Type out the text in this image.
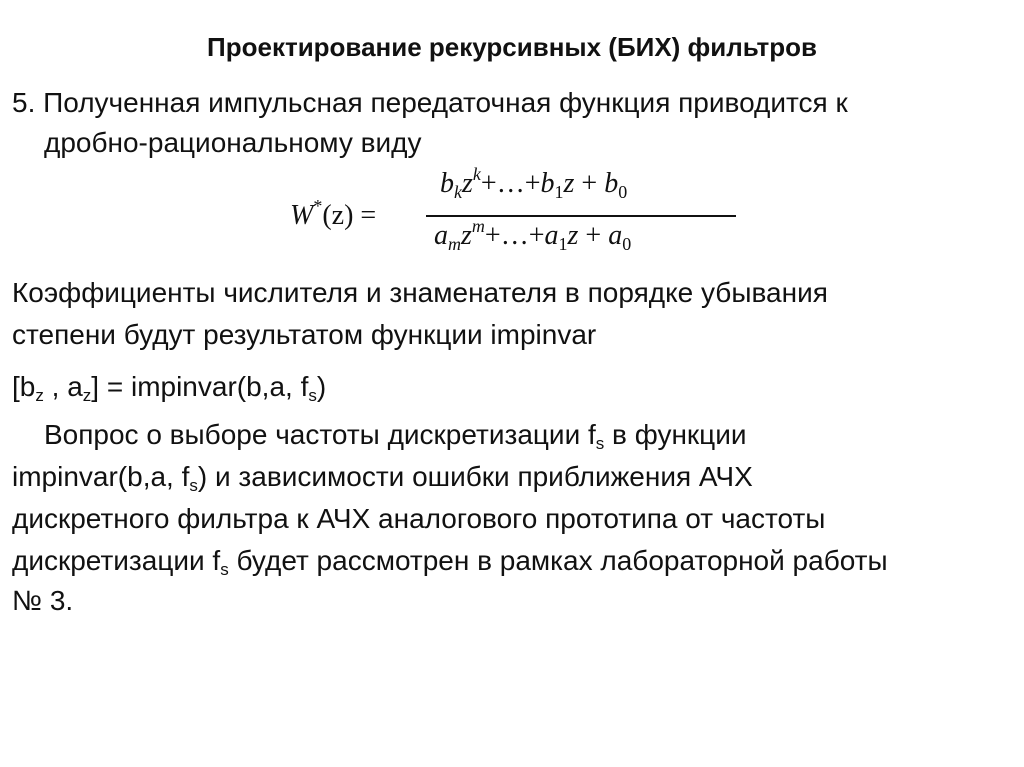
Проектирование рекурсивных (БИХ) фильтров
5. Полученная импульсная передаточная функция приводится к
дробно-рациональному виду
W*(z) =
$b_kz^k+\dots+b_1z + b_0$
$a_mz^m+\dots+a_1z + a_0$
Коэффициенты числителя и знаменателя в порядке убывания
степени будут результатом функции impinvar
[$b_z$ , $a_z$] = impinvar(b,a, $f_s$)
Вопрос о выборе частоты дискретизации $f_s$ в функции
impinvar(b,a, $f_s$) и зависимости ошибки приближения АЧХ
дискретного фильтра к АЧХ аналогового прототипа от частоты
дискретизации $f_s$ будет рассмотрен в рамках лабораторной работы
№ 3.
